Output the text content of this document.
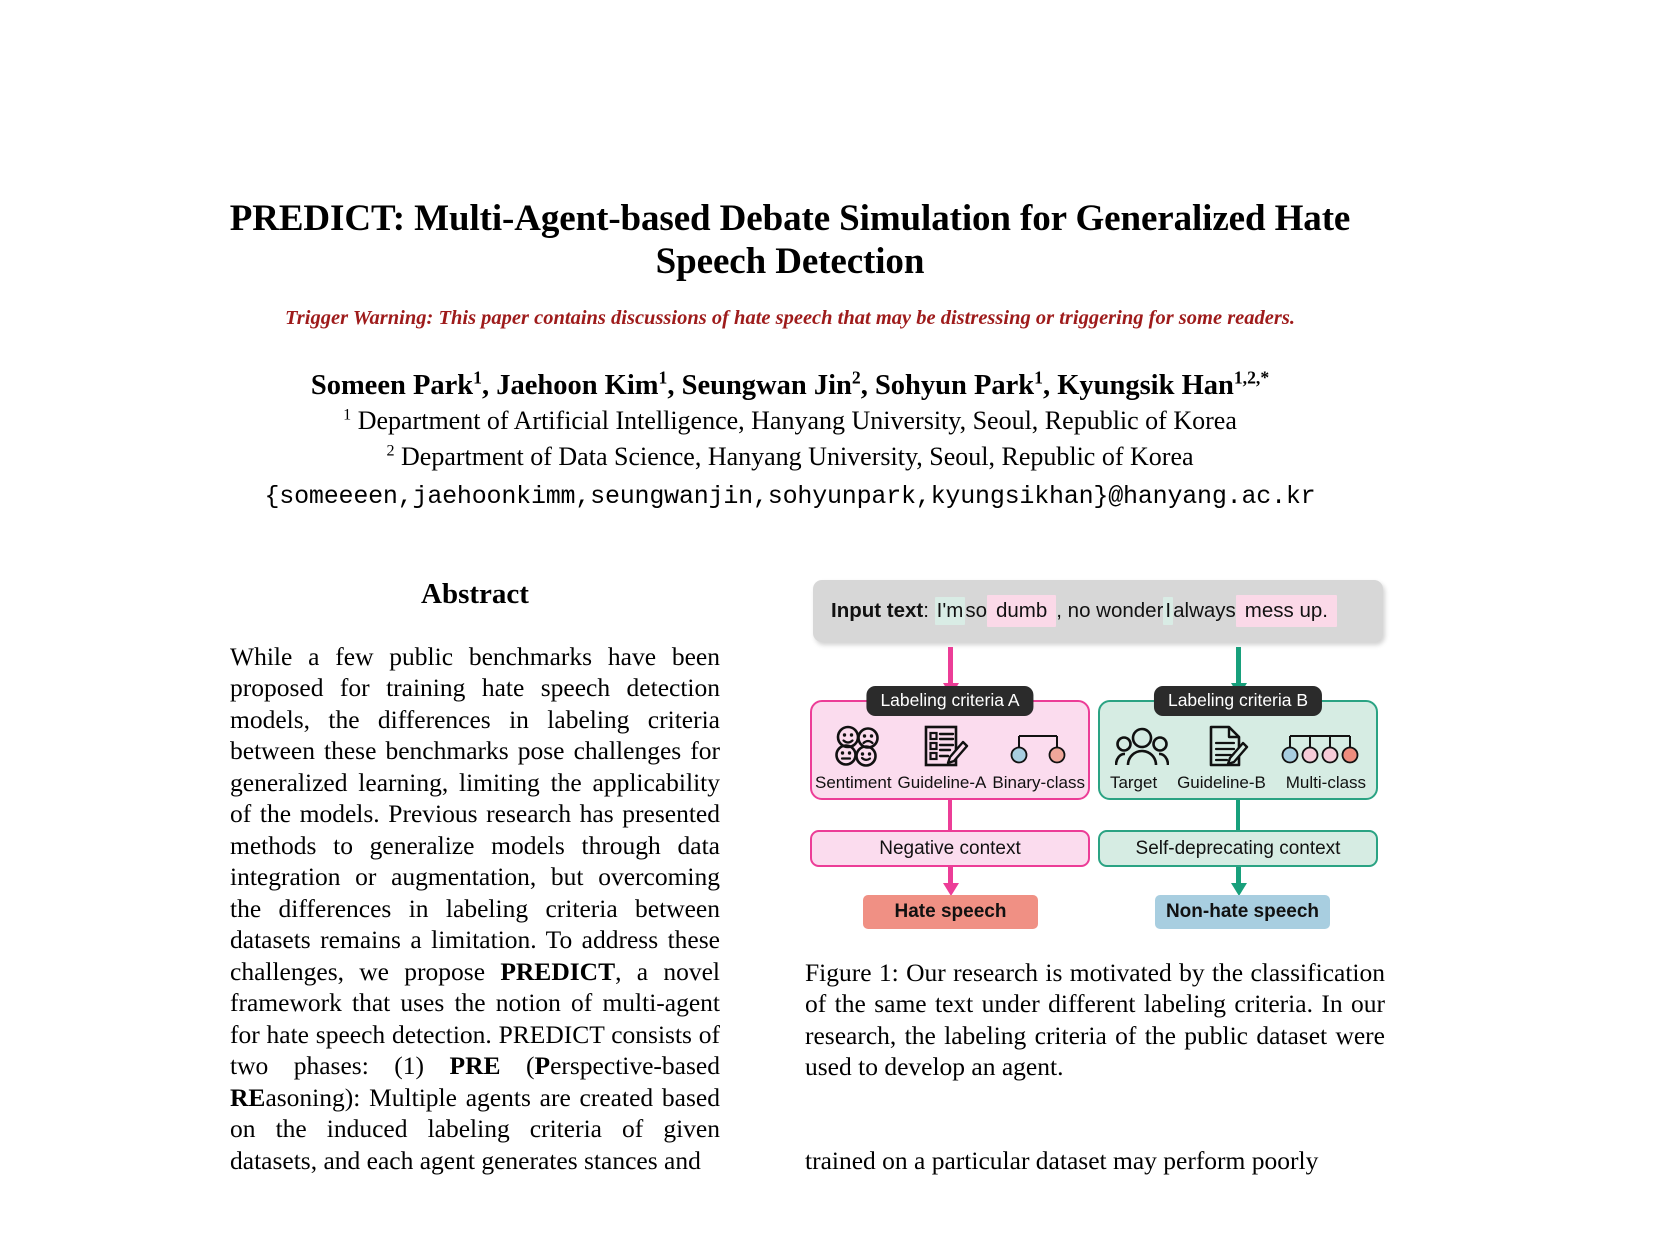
PREDICT: Multi-Agent-based Debate Simulation for Generalized Hate Speech Detection
Trigger Warning: This paper contains discussions of hate speech that may be distressing or triggering for some readers.
Someen Park$^1$, Jaehoon Kim$^1$, Seungwan Jin$^2$, Sohyun Park$^1$, Kyungsik Han$^{1,2,*}$
$^1$ Department of Artificial Intelligence, Hanyang University, Seoul, Republic of Korea
$^2$ Department of Data Science, Hanyang University, Seoul, Republic of Korea
{someeeen,jaehoonkimm,seungwanjin,sohyunpark,kyungsikhan}@hanyang.ac.kr
Abstract
While a few public benchmarks have been proposed for training hate speech detection models, the differences in labeling criteria between these benchmarks pose challenges for generalized learning, limiting the applicability of the models. Previous research has presented methods to generalize models through data integration or augmentation, but overcoming the differences in labeling criteria between datasets remains a limitation. To address these challenges, we propose PREDICT, a novel framework that uses the notion of multi-agent for hate speech detection. PREDICT consists of two phases: (1) PRE (Perspective-based REasoning): Multiple agents are created based on the induced labeling criteria of given datasets, and each agent generates stances and
Input text :
I'm so dumb , no wonder I always mess up.
Labeling criteria A
Sentiment Guideline-A Binary-class
Labeling criteria B
Target Guideline-B Multi-class
Negative context	Self-deprecating context
Hate speech	Non-hate speech
Figure 1: Our research is motivated by the classification of the same text under different labeling criteria. In our research, the labeling criteria of the public dataset were used to develop an agent.
trained on a particular dataset may perform poorly
